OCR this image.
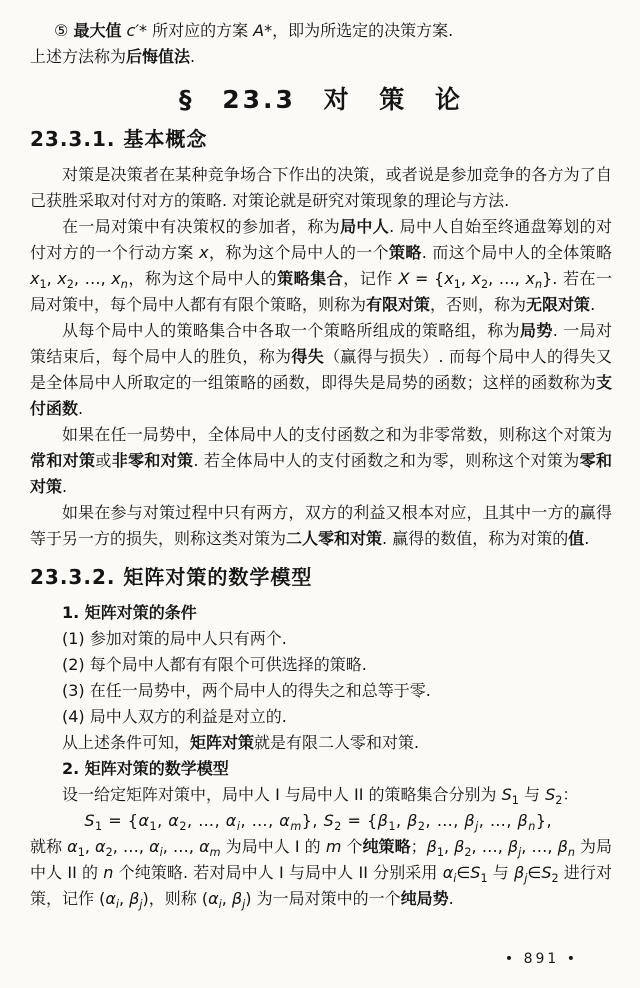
⑤ 最大值 c′* 所对应的方案 A*，即为所选定的决策方案.

上述方法称为后悔值法.

§ 23.3 对 策 论
23.3.1. 基本概念

对策是决策者在某种竞争场合下作出的决策，或者说是参加竞争的各方为了自己获胜采取对付对方的策略. 对策论就是研究对策现象的理论与方法.

在一局对策中有决策权的参加者，称为局中人. 局中人自始至终通盘筹划的对付对方的一个行动方案 x，称为这个局中人的一个策略. 而这个局中人的全体策略 $x_1$, $x_2$, …, $x_n$，称为这个局中人的策略集合，记作 $X = \{x_1$, $x_2$, …, $x_n$}. 若在一局对策中，每个局中人都有有限个策略，则称为有限对策，否则，称为无限对策.

从每个局中人的策略集合中各取一个策略所组成的策略组，称为局势. 一局对策结束后，每个局中人的胜负，称为得失（赢得与损失）. 而每个局中人的得失又是全体局中人所取定的一组策略的函数，即得失是局势的函数；这样的函数称为支付函数.

如果在任一局势中，全体局中人的支付函数之和为非零常数，则称这个对策为常和对策或非零和对策. 若全体局中人的支付函数之和为零，则称这个对策为零和对策.

如果在参与对策过程中只有两方，双方的利益又根本对应，且其中一方的赢得等于另一方的损失，则称这类对策为二人零和对策. 赢得的数值，称为对策的值.

23.3.2. 矩阵对策的数学模型

1. 矩阵对策的条件

(1) 参加对策的局中人只有两个.

(2) 每个局中人都有有限个可供选择的策略.

(3) 在任一局势中，两个局中人的得失之和总等于零.

(4) 局中人双方的利益是对立的.

从上述条件可知，矩阵对策就是有限二人零和对策.

2. 矩阵对策的数学模型

设一给定矩阵对策中，局中人 I 与局中人 II 的策略集合分别为 $S_1$ 与 $S_2$：

$S_1 = \{\alpha_1$, $\alpha_2$, …, $\alpha_i$, …, $\alpha_m$}, $S_2 = \{\beta_1$, $\beta_2$, …, $\beta_j$, …, $\beta_n$},

就称 $\alpha_1$, $\alpha_2$, …, $\alpha_i$, …, $\alpha_m$ 为局中人 I 的 m 个纯策略；$\beta_1$, $\beta_2$, …, $\beta_j$, …, $\beta_n$ 为局中人 II 的 n 个纯策略. 若对局中人 I 与局中人 II 分别采用 $\alpha_i\in S_1$ 与 $\beta_j\in S_2$ 进行对策，记作 ($\alpha_i$, $\beta_j$)，则称 ($\alpha_i$, $\beta_j$) 为一局对策中的一个纯局势.

• 891 •
